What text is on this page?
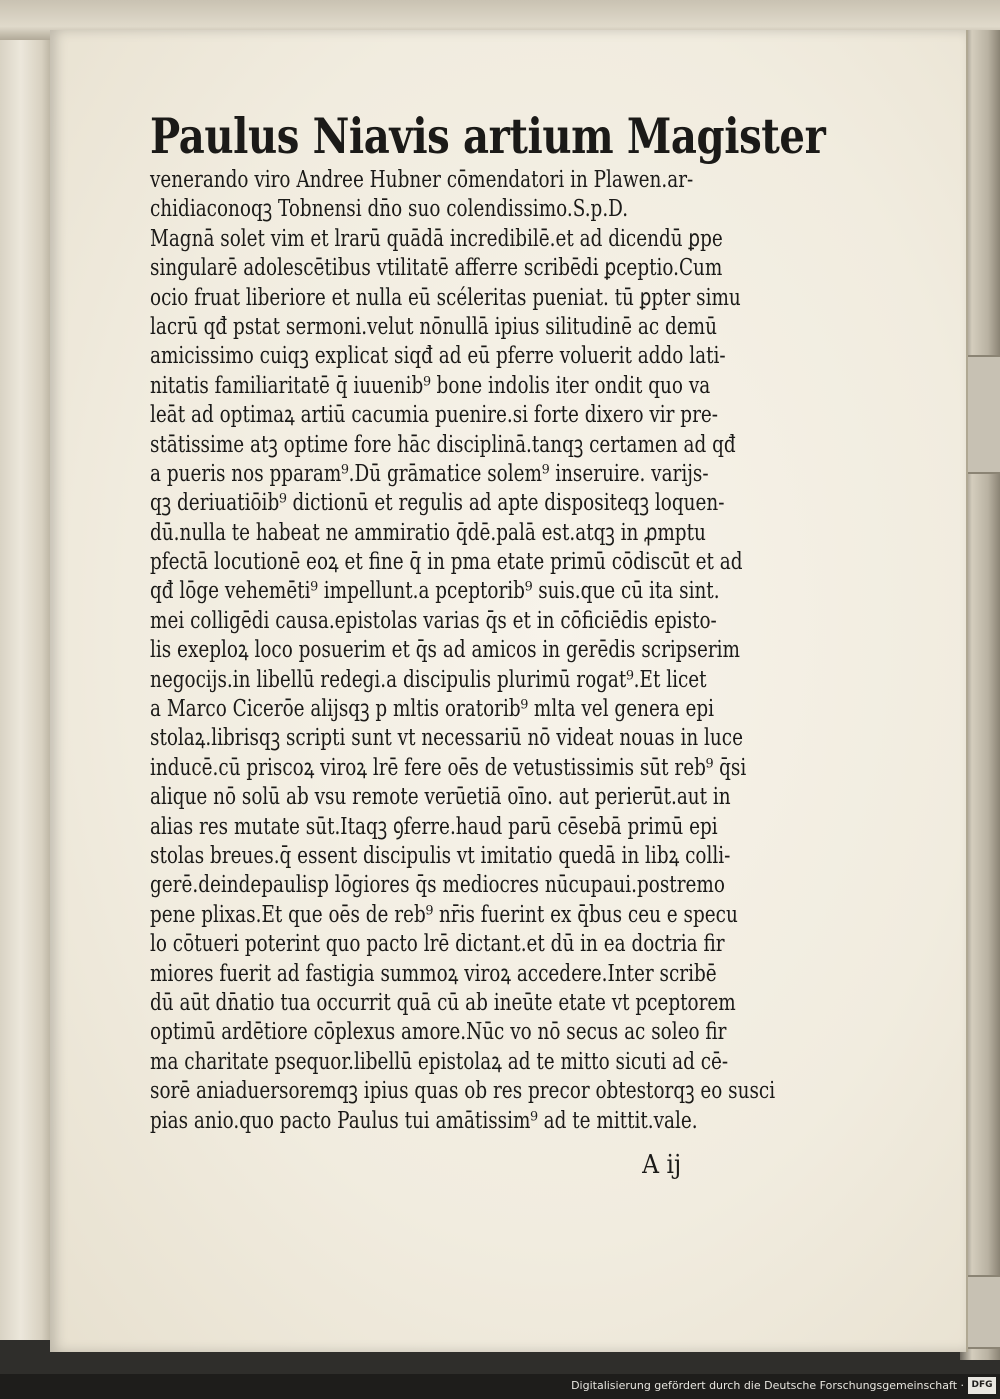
Paulus Niavis artium Magister
venerando viro Andree Hubner cōmendatori in Plawen.ar-
chidiaconoqꝫ Tobnensi dn̄o suo colendissimo.S.p.D.
Magnā solet vim et lrarū quādā incredibilē.et ad dicendū ꝑpe
singularē adolescētibus vtilitatē afferre scribēdi ꝑceptio.Cum
ocio fruat liberiore et nulla eū scéleritas pueniat. tū ꝑpter simu
lacrū qđ pstat sermoni.velut nōnullā ipius silitudinē ac demū
amicissimo cuiqꝫ explicat siqđ ad eū pferre voluerit addo lati-
nitatis familiaritatē q̄ iuuenib⁹ bone indolis iter ondit quo va
leāt ad optimaꝝ artiū cacumia puenire.si forte dixero vir pre-
stātissime atꝫ optime fore hāc disciplinā.tanqꝫ certamen ad qđ
a pueris nos pparam⁹.Dū grāmatice solem⁹ inseruire. varijs-
qꝫ deriuatiōib⁹ dictionū et regulis ad apte dispositeqꝫ loquen-
dū.nulla te habeat ne ammiratio q̄dē.palā est.atqꝫ in ꝓmptu
pfectā locutionē eoꝝ et fine q̄ in pma etate primū cōdiscūt et ad
qđ lōge vehemēti⁹ impellunt.a pceptorib⁹ suis.que cū ita sint.
mei colligēdi causa.epistolas varias q̄s et in cōficiēdis episto-
lis exeploꝝ loco posuerim et q̄s ad amicos in gerēdis scripserim
negocijs.in libellū redegi.a discipulis plurimū rogat⁹.Et licet
a Marco Cicerōe alijsqꝫ p mltis oratorib⁹ mlta vel genera epi
stolaꝝ.librisqꝫ scripti sunt vt necessariū nō videat nouas in luce
inducē.cū priscoꝝ viroꝝ lrē fere oēs de vetustissimis sūt reb⁹ q̄si
alique nō solū ab vsu remote verūetiā oīno. aut perierūt.aut in
alias res mutate sūt.Itaqꝫ ꝯferre.haud parū cēsebā primū epi
stolas breues.q̄ essent discipulis vt imitatio quedā in libꝝ colli-
gerē.deindepaulisp lōgiores q̄s mediocres nūcupaui.postremo
pene plixas.Et que oēs de reb⁹ nr̄is fuerint ex q̄bus ceu e specu
lo cōtueri poterint quo pacto lrē dictant.et dū in ea doctria fir
miores fuerit ad fastigia summoꝝ viroꝝ accedere.Inter scribē
dū aūt dn̄atio tua occurrit quā cū ab ineūte etate vt pceptorem
optimū ardētiore cōplexus amore.Nūc vo nō secus ac soleo fir
ma charitate psequor.libellū epistolaꝝ ad te mitto sicuti ad cē-
sorē aniaduersoremqꝫ ipius quas ob res precor obtestorqꝫ eo susci
pias anio.quo pacto Paulus tui amātissim⁹ ad te mittit.vale.
A ij
Digitalisierung gefördert durch die Deutsche Forschungsgemeinschaft · DFG
